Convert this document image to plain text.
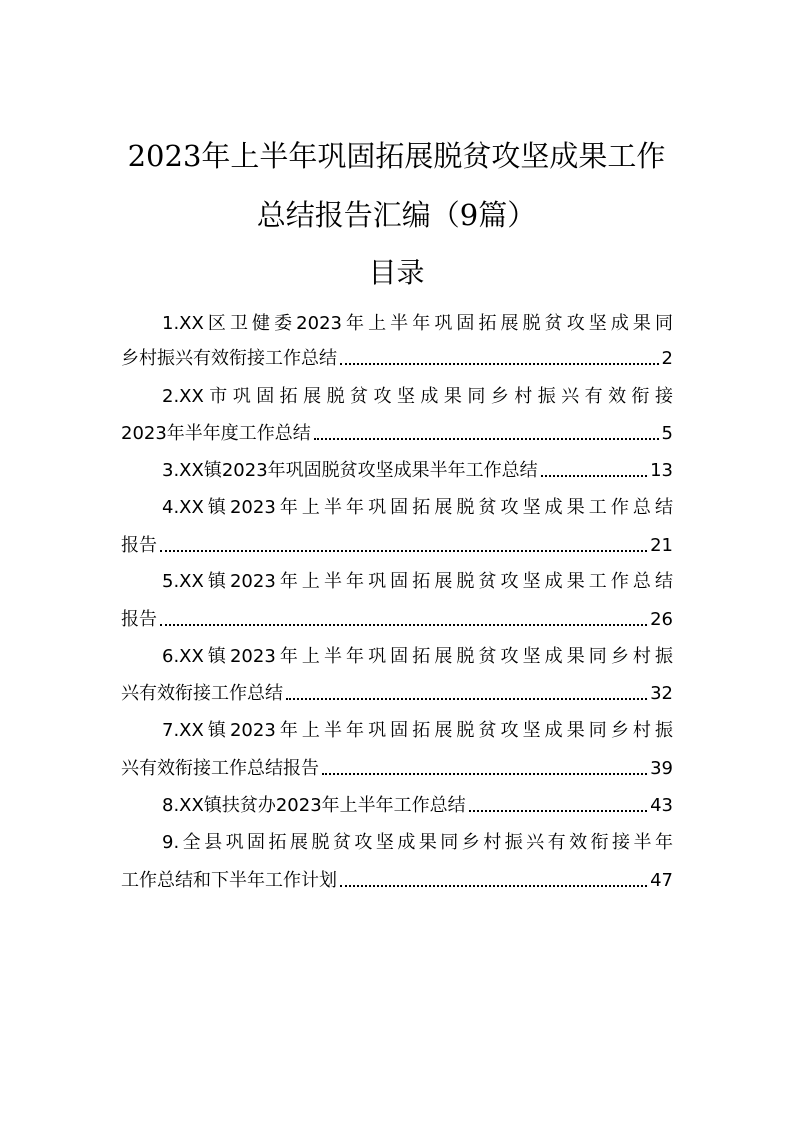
2023年上半年巩固拓展脱贫攻坚成果工作
总结报告汇编（9篇）
目录
1.XX区卫健委2023年上半年巩固拓展脱贫攻坚成果同
乡村振兴有效衔接工作总结	2
2.XX市巩固拓展脱贫攻坚成果同乡村振兴有效衔接
2023年半年度工作总结	5
3.XX镇2023年巩固脱贫攻坚成果半年工作总结	13
4.XX镇2023年上半年巩固拓展脱贫攻坚成果工作总结
报告	21
5.XX镇2023年上半年巩固拓展脱贫攻坚成果工作总结
报告	26
6.XX镇2023年上半年巩固拓展脱贫攻坚成果同乡村振
兴有效衔接工作总结	32
7.XX镇2023年上半年巩固拓展脱贫攻坚成果同乡村振
兴有效衔接工作总结报告	39
8.XX镇扶贫办2023年上半年工作总结	43
9.全县巩固拓展脱贫攻坚成果同乡村振兴有效衔接半年
工作总结和下半年工作计划	47
